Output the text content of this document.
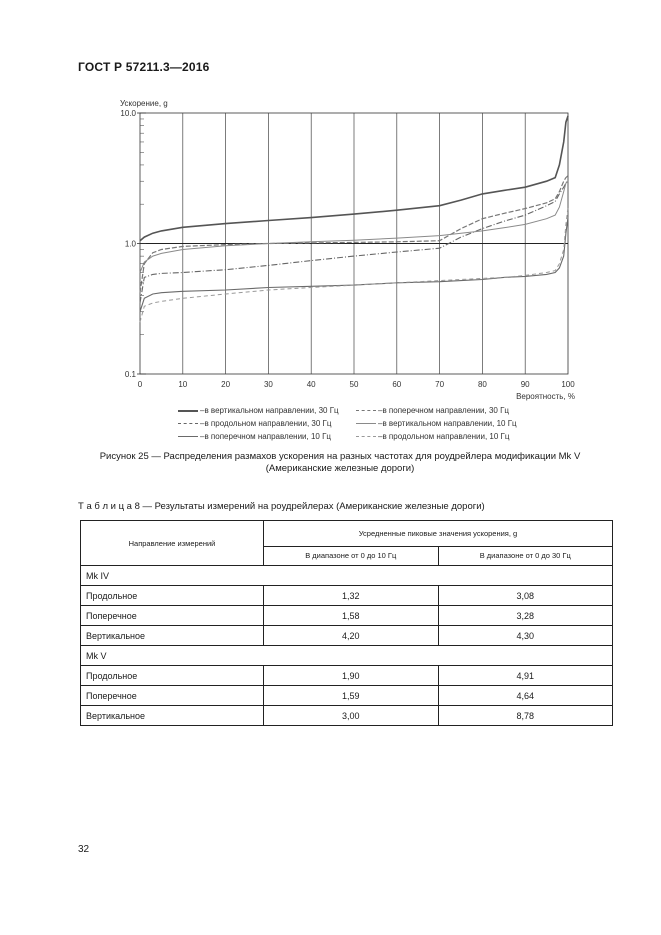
ГОСТ Р 57211.3—2016
0	10	20	30	40	50	60	70	80	90	100
0.1
1.0
10.0
Ускорение, g
Вероятность, %
– в вертикальном направлении, 30 Гц	– в поперечном направлении, 30 Гц
– в продольном направлении, 30 Гц	– в вертикальном направлении, 10 Гц
– в поперечном направлении, 10 Гц	– в продольном направлении, 10 Гц
Рисунок 25 — Распределения размахов ускорения на разных частотах для роудрейлера модификации Mk V
(Американские железные дороги)
Т а б л и ц а 8 — Результаты измерений на роудрейлерах (Американские железные дороги)
Направление измерений	Усредненные пиковые значения ускорения, g	
	В диапазоне от 0 до 10 Гц	В диапазоне от 0 до 30 Гц
Mk IV		
Продольное	1,32	3,08
Поперечное	1,58	3,28
Вертикальное	4,20	4,30
Mk V		
Продольное	1,90	4,91
Поперечное	1,59	4,64
Вертикальное	3,00	8,78
32
